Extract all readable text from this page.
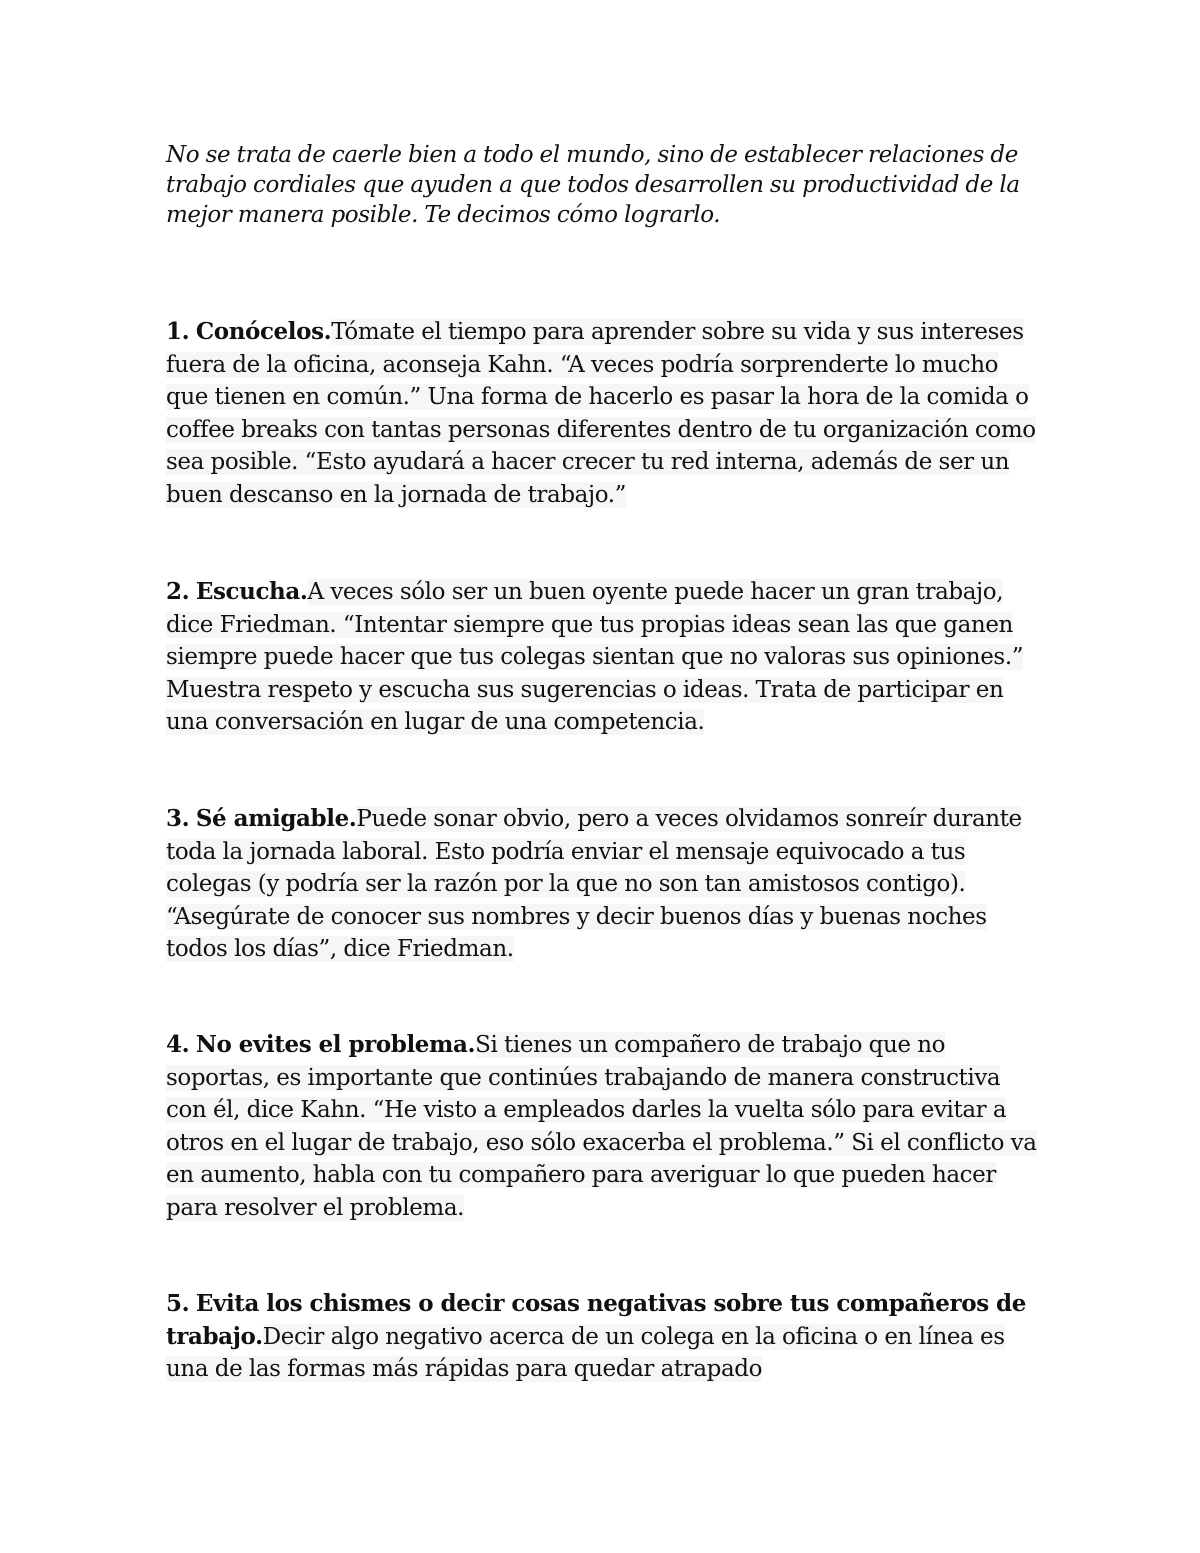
No se trata de caerle bien a todo el mundo, sino de establecer relaciones de trabajo cordiales que ayuden a que todos desarrollen su productividad de la mejor manera posible. Te decimos cómo lograrlo.

1. Conócelos.Tómate el tiempo para aprender sobre su vida y sus intereses fuera de la oficina, aconseja Kahn. “A veces podría sorprenderte lo mucho que tienen en común.” Una forma de hacerlo es pasar la hora de la comida o coffee breaks con tantas personas diferentes dentro de tu organización como sea posible. “Esto ayudará a hacer crecer tu red interna, además de ser un buen descanso en la jornada de trabajo.”

2. Escucha.A veces sólo ser un buen oyente puede hacer un gran trabajo, dice Friedman. “Intentar siempre que tus propias ideas sean las que ganen siempre puede hacer que tus colegas sientan que no valoras sus opiniones.” Muestra respeto y escucha sus sugerencias o ideas. Trata de participar en una conversación en lugar de una competencia.

3. Sé amigable.Puede sonar obvio, pero a veces olvidamos sonreír durante toda la jornada laboral. Esto podría enviar el mensaje equivocado a tus colegas (y podría ser la razón por la que no son tan amistosos contigo). “Asegúrate de conocer sus nombres y decir buenos días y buenas noches todos los días”, dice Friedman.

4. No evites el problema.Si tienes un compañero de trabajo que no soportas, es importante que continúes trabajando de manera constructiva con él, dice Kahn. “He visto a empleados darles la vuelta sólo para evitar a otros en el lugar de trabajo, eso sólo exacerba el problema.” Si el conflicto va en aumento, habla con tu compañero para averiguar lo que pueden hacer para resolver el problema.

5. Evita los chismes o decir cosas negativas sobre tus compañeros de trabajo.Decir algo negativo acerca de un colega en la oficina o en línea es una de las formas más rápidas para quedar atrapado
